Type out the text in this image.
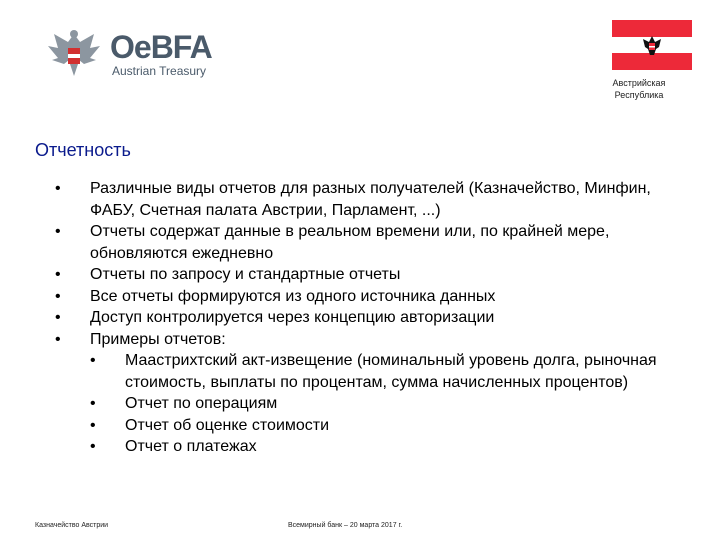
OeBFA
Austrian Treasury
Австрийская
Республика
Отчетность
• Различные виды отчетов для разных получателей (Казначейство, Минфин, ФАБУ, Счетная палата Австрии, Парламент, ...)
• Отчеты содержат данные в реальном времени или, по крайней мере, обновляются ежедневно
• Отчеты по запросу и стандартные отчеты
• Все отчеты формируются из одного источника данных
• Доступ контролируется через концепцию авторизации
• Примеры отчетов:
• Маастрихтский акт-извещение (номинальный уровень долга, рыночная стоимость, выплаты по процентам, сумма начисленных процентов)
• Отчет по операциям
• Отчет об оценке стоимости
• Отчет о платежах
Казначейство Австрии	Всемирный банк – 20 марта 2017 г.
